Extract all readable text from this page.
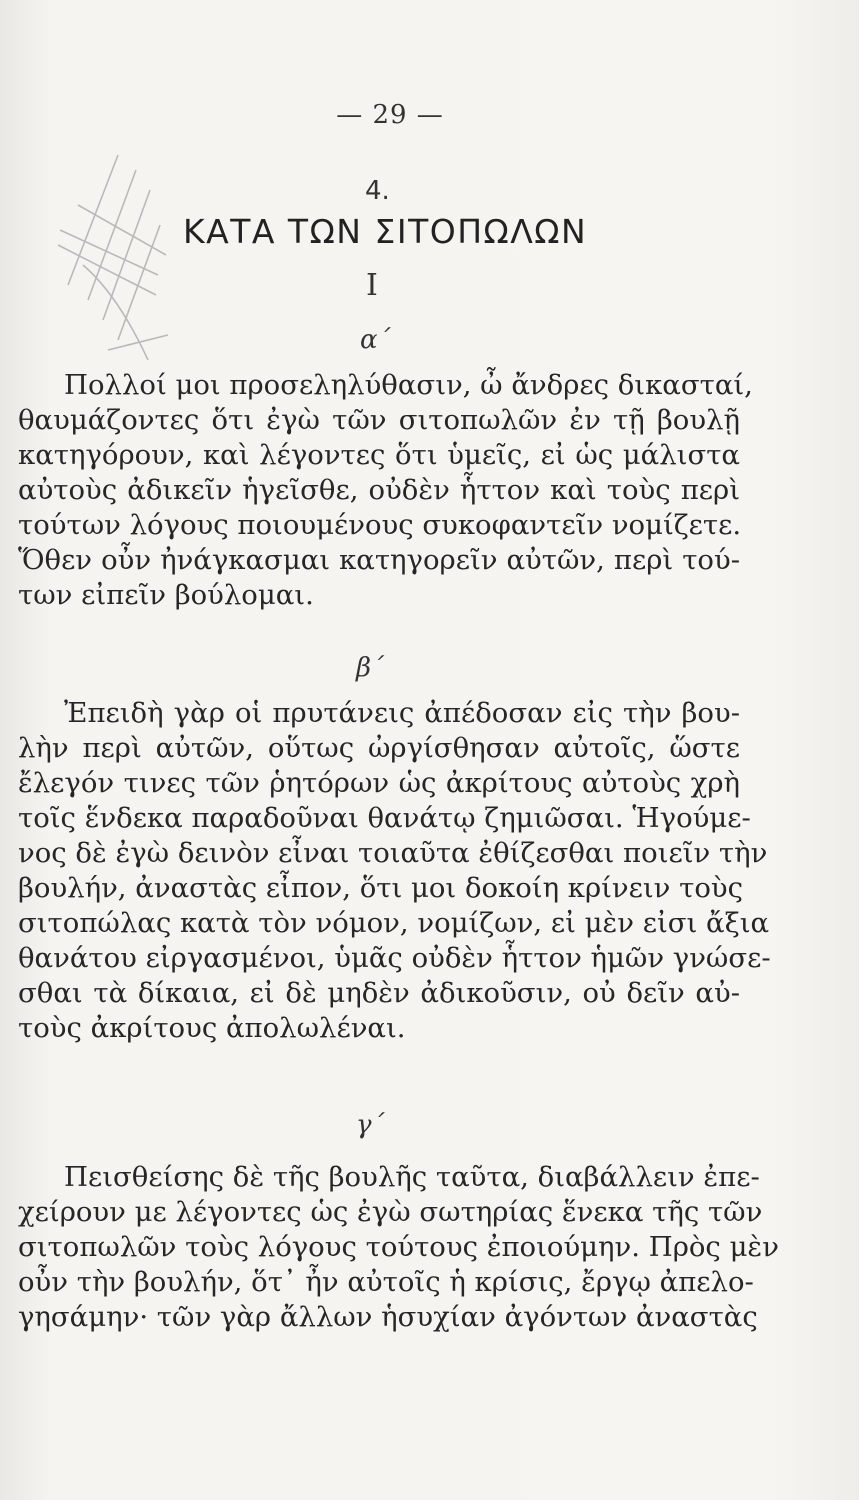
— 29 —
4.
ΚΑΤΑ ΤΩΝ ΣΙΤΟΠΩΛΩΝ
I
α΄
Πολλοί μοι προσεληλύθασιν, ὦ ἄνδρες δικασταί,
θαυμάζοντες ὅτι ἐγὼ τῶν σιτοπωλῶν ἐν τῇ βουλῇ
κατηγόρουν, καὶ λέγοντες ὅτι ὑμεῖς, εἰ ὡς μάλιστα
αὐτοὺς ἀδικεῖν ἡγεῖσθε, οὐδὲν ἧττον καὶ τοὺς περὶ
τούτων λόγους ποιουμένους συκοφαντεῖν νομίζετε.
Ὅθεν οὖν ἠνάγκασμαι κατηγορεῖν αὐτῶν, περὶ τού-
των εἰπεῖν βούλομαι.
β΄
Ἐπειδὴ γὰρ οἱ πρυτάνεις ἀπέδοσαν εἰς τὴν βου-
λὴν περὶ αὐτῶν, οὕτως ὠργίσθησαν αὐτοῖς, ὥστε
ἔλεγόν τινες τῶν ῥητόρων ὡς ἀκρίτους αὐτοὺς χρὴ
τοῖς ἕνδεκα παραδοῦναι θανάτῳ ζημιῶσαι. Ἡγούμε-
νος δὲ ἐγὼ δεινὸν εἶναι τοιαῦτα ἐθίζεσθαι ποιεῖν τὴν
βουλήν, ἀναστὰς εἶπον, ὅτι μοι δοκοίη κρίνειν τοὺς
σιτοπώλας κατὰ τὸν νόμον, νομίζων, εἰ μὲν εἰσι ἄξια
θανάτου εἰργασμένοι, ὑμᾶς οὐδὲν ἧττον ἡμῶν γνώσε-
σθαι τὰ δίκαια, εἰ δὲ μηδὲν ἀδικοῦσιν, οὐ δεῖν αὐ-
τοὺς ἀκρίτους ἀπολωλέναι.
γ΄
Πεισθείσης δὲ τῆς βουλῆς ταῦτα, διαβάλλειν ἐπε-
χείρουν με λέγοντες ὡς ἐγὼ σωτηρίας ἕνεκα τῆς τῶν
σιτοπωλῶν τοὺς λόγους τούτους ἐποιούμην. Πρὸς μὲν
οὖν τὴν βουλήν, ὅτ᾽ ἦν αὐτοῖς ἡ κρίσις, ἔργῳ ἀπελο-
γησάμην· τῶν γὰρ ἄλλων ἡσυχίαν ἀγόντων ἀναστὰς
